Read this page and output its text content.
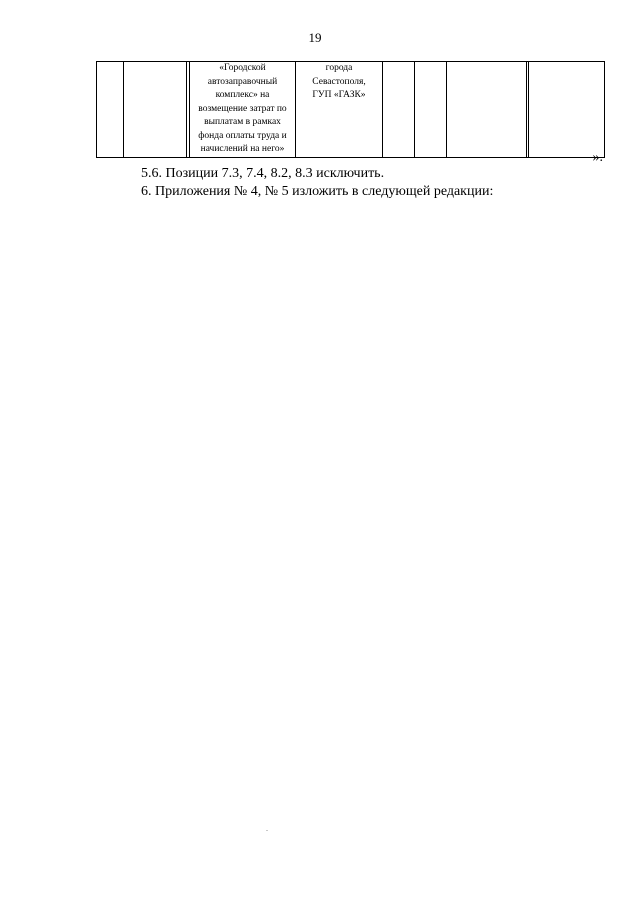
19
			«Городской
автозаправочный
комплекс» на
возмещение затрат по
выплатам в рамках
фонда оплаты труда и
начислений на него»	города
Севастополя,
ГУП «ГАЗК»					
».
5.6. Позиции 7.3, 7.4, 8.2, 8.3 исключить.
6. Приложения № 4, № 5 изложить в следующей редакции:
